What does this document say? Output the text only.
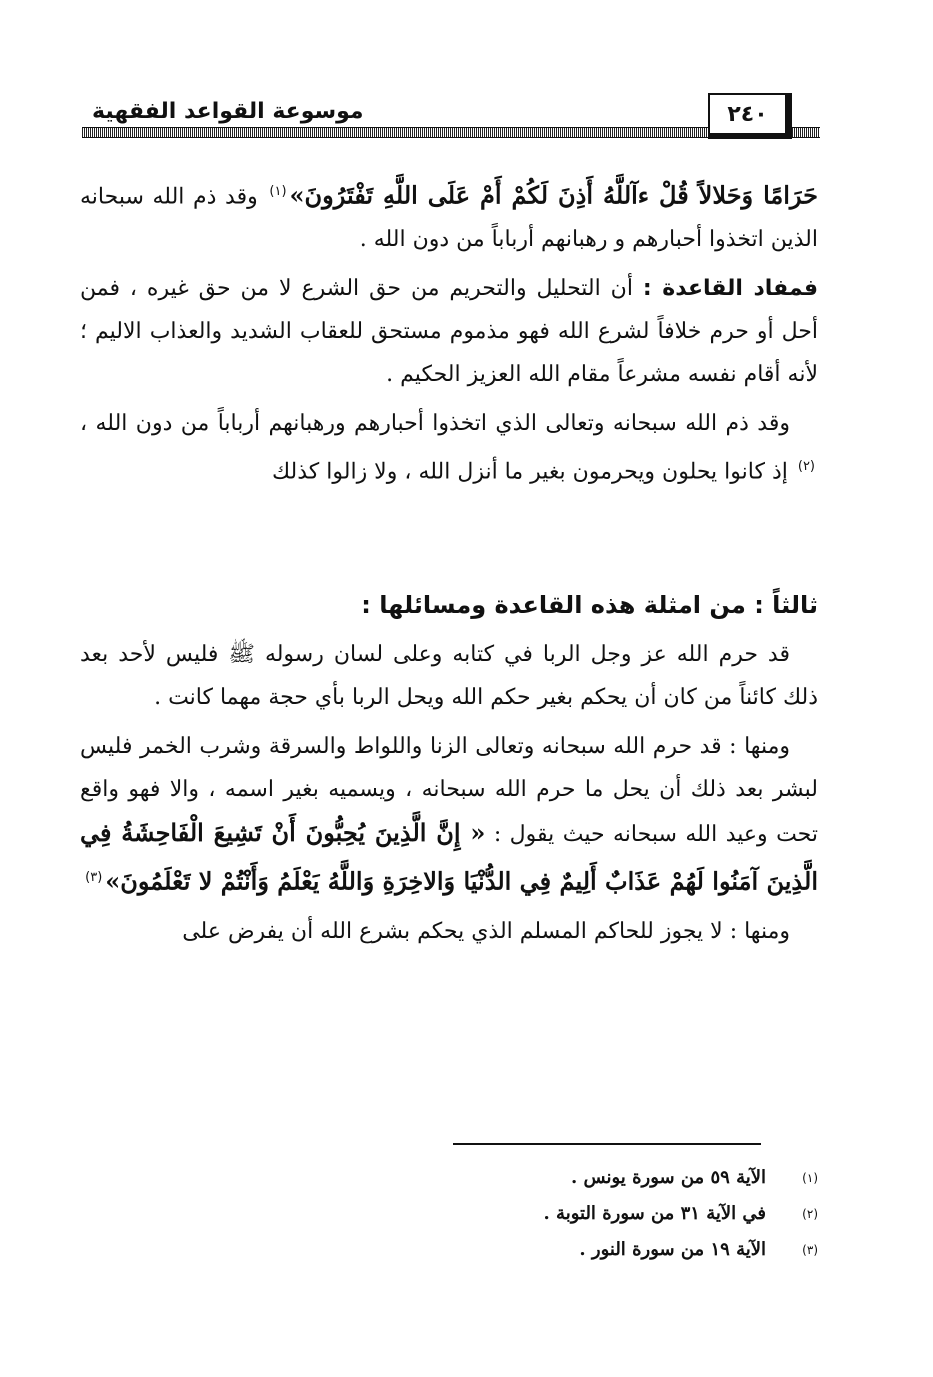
٢٤٠
موسوعة القواعد الفقهية

حَرَامًا وَحَلالاً قُلْ ءآللَّهُ أَذِنَ لَكُمْ أَمْ عَلَى اللَّهِ تَفْتَرُونَ»$^{(١)}$ وقد ذم الله سبحانه الذين اتخذوا أحبارهم و رهبانهم أرباباً من دون الله .

فمفاد القاعدة : أن التحليل والتحريم من حق الشرع لا من حق غيره ، فمن أحل أو حرم خلافاً لشرع الله فهو مذموم مستحق للعقاب الشديد والعذاب الاليم ؛ لأنه أقام نفسه مشرعاً مقام الله العزيز الحكيم .

وقد ذم الله سبحانه وتعالى الذي اتخذوا أحبارهم ورهبانهم أرباباً من دون الله ،$^{(٢)}$ إذ كانوا يحلون ويحرمون بغير ما أنزل الله ، ولا زالوا كذلك

ثالثاً : من امثلة هذه القاعدة ومسائلها :

قد حرم الله عز وجل الربا في كتابه وعلى لسان رسوله ﷺ فليس لأحد بعد ذلك كائناً من كان أن يحكم بغير حكم الله ويحل الربا بأي حجة مهما كانت .

ومنها : قد حرم الله سبحانه وتعالى الزنا واللواط والسرقة وشرب الخمر فليس لبشر بعد ذلك أن يحل ما حرم الله سبحانه ، ويسميه بغير اسمه ، والا فهو واقع تحت وعيد الله سبحانه حيث يقول : « إِنَّ الَّذِينَ يُحِبُّونَ أَنْ تَشِيعَ الْفَاحِشَةُ فِي الَّذِينَ آمَنُوا لَهُمْ عَذَابٌ أَلِيمٌ فِي الدُّنْيَا وَالاخِرَةِ وَاللَّهُ يَعْلَمُ وَأَنْتُمْ لا تَعْلَمُونَ»$^{(٣)}$

ومنها : لا يجوز للحاكم المسلم الذي يحكم بشرع الله أن يفرض على

(١)
الآية ٥٩ من سورة يونس .
(٢)
في الآية ٣١ من سورة التوبة .
(٣)
الآية ١٩ من سورة النور .
